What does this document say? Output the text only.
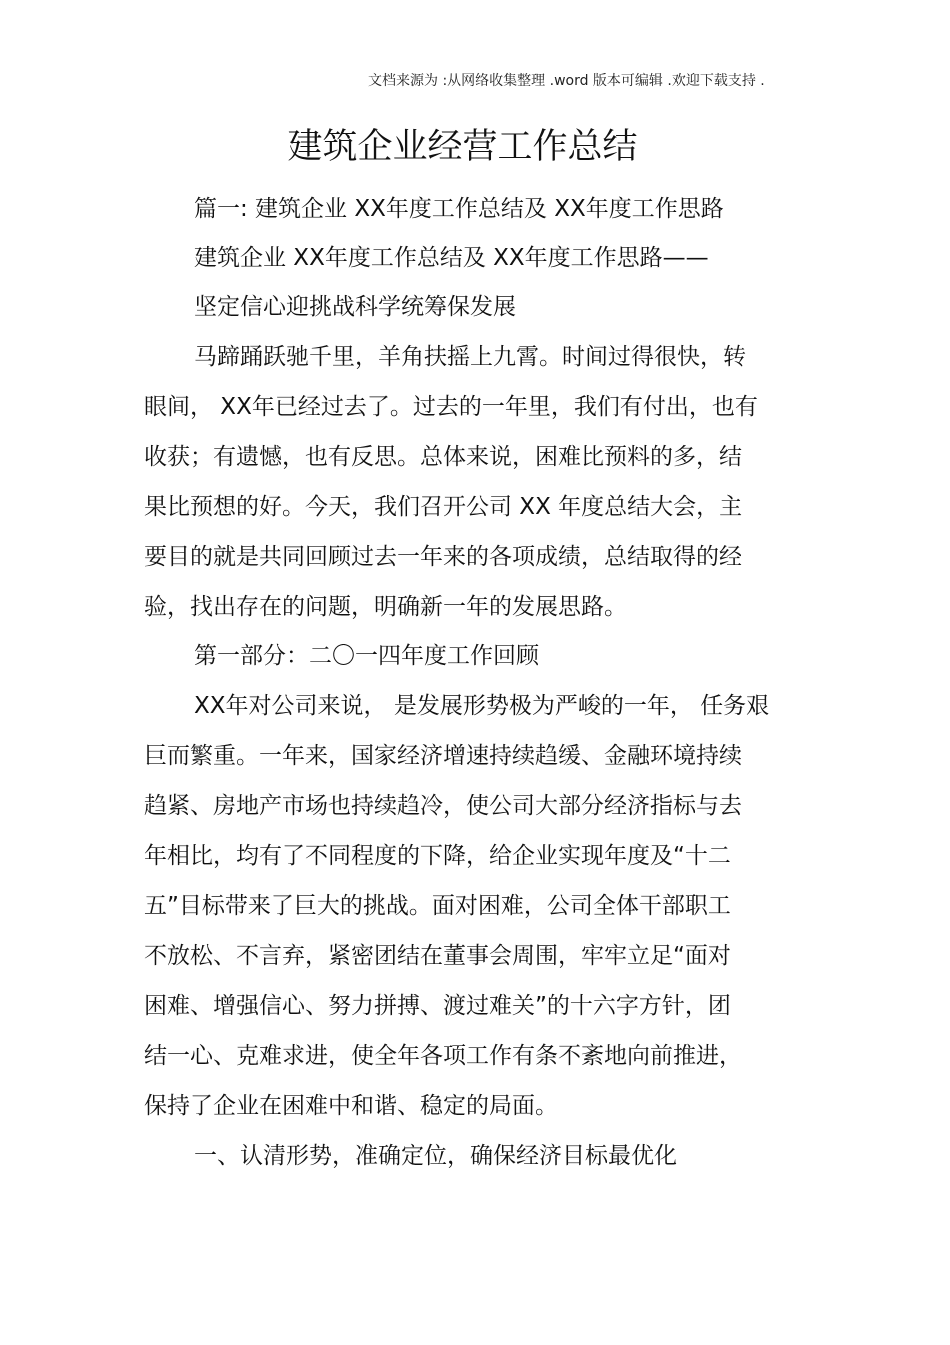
文档来源为 :从网络收集整理 .word 版本可编辑 .欢迎下载支持 .
建筑企业经营工作总结
篇一: 建筑企业 XX年度工作总结及 XX年度工作思路
建筑企业 XX年度工作总结及 XX年度工作思路——
坚定信心迎挑战科学统筹保发展
马蹄踊跃驰千里，羊角扶摇上九霄。时间过得很快，转
眼间， XX年已经过去了。过去的一年里，我们有付出，也有
收获；有遗憾，也有反思。总体来说，困难比预料的多，结
果比预想的好。今天，我们召开公司 XX 年度总结大会，主
要目的就是共同回顾过去一年来的各项成绩，总结取得的经
验，找出存在的问题，明确新一年的发展思路。
第一部分：二〇一四年度工作回顾
XX年对公司来说， 是发展形势极为严峻的一年， 任务艰
巨而繁重。一年来，国家经济增速持续趋缓、金融环境持续
趋紧、房地产市场也持续趋冷，使公司大部分经济指标与去
年相比，均有了不同程度的下降，给企业实现年度及“十二
五”目标带来了巨大的挑战。面对困难，公司全体干部职工
不放松、不言弃，紧密团结在董事会周围，牢牢立足“面对
困难、增强信心、努力拼搏、渡过难关”的十六字方针，团
结一心、克难求进，使全年各项工作有条不紊地向前推进，
保持了企业在困难中和谐、稳定的局面。
一、认清形势，准确定位，确保经济目标最优化
